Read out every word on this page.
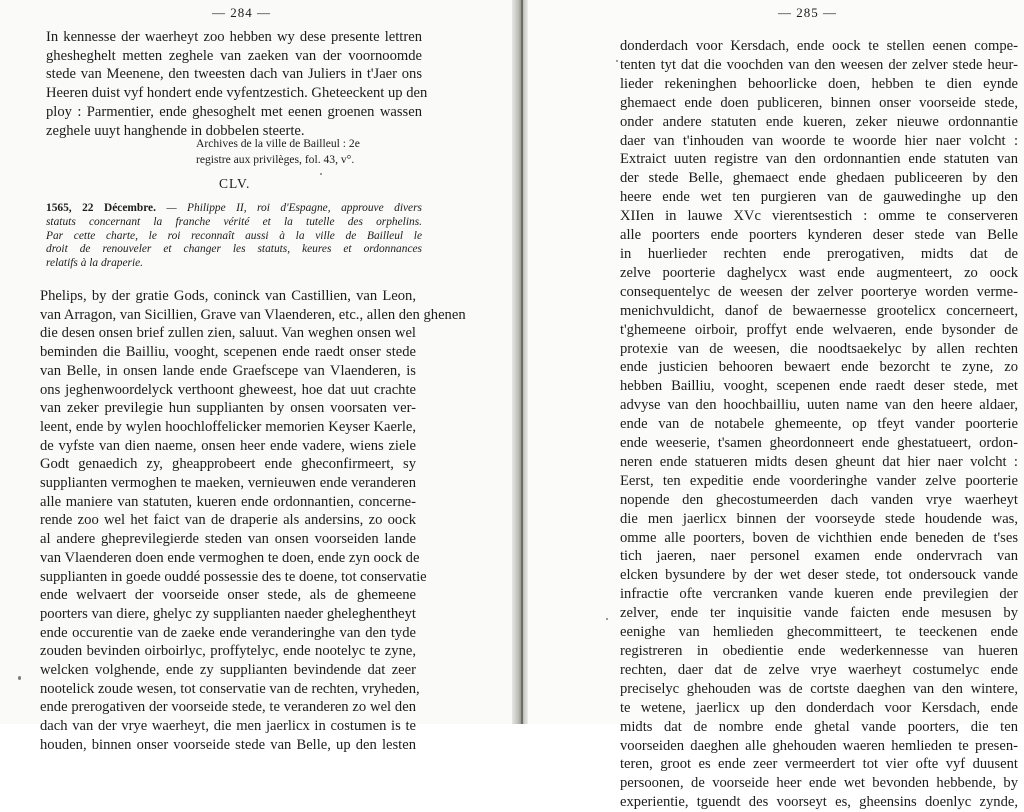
— 284 —
In kennesse der waerheyt zoo hebben wy dese presente lettren
ghesheghelt metten zeghele van zaeken van der voornoomde
stede van Meenene, den tweesten dach van Juliers in t'Jaer ons
Heeren duist vyf hondert ende vyfentzestich. Gheteeckent up den
ploy : Parmentier, ende ghesoghelt met eenen groenen wassen
zeghele uuyt hanghende in dobbelen steerte.
Archives de la ville de Bailleul : 2e
registre aux privilèges, fol. 43, v°.
CLV.
1565, 22 Décembre. — Philippe II, roi d'Espagne, approuve divers
statuts concernant la franche vérité et la tutelle des orphelins.
Par cette charte, le roi reconnaît aussi à la ville de Bailleul le
droit de renouveler et changer les statuts, keures et ordonnances
relatifs à la draperie.
Phelips, by der gratie Gods, coninck van Castillien, van Leon,
van Arragon, van Sicillien, Grave van Vlaenderen, etc., allen den ghenen
die desen onsen brief zullen zien, saluut. Van weghen onsen wel
beminden die Bailliu, vooght, scepenen ende raedt onser stede
van Belle, in onsen lande ende Graefscepe van Vlaenderen, is
ons jeghenwoordelyck verthoont gheweest, hoe dat uut crachte
van zeker previlegie hun supplianten by onsen voorsaten ver-
leent, ende by wylen hoochloffelicker memorien Keyser Kaerle,
de vyfste van dien naeme, onsen heer ende vadere, wiens ziele
Godt genaedich zy, gheapprobeert ende gheconfirmeert, sy
supplianten vermoghen te maeken, vernieuwen ende veranderen
alle maniere van statuten, kueren ende ordonnantien, concerne-
rende zoo wel het faict van de draperie als andersins, zo oock
al andere gheprevilegierde steden van onsen voorseiden lande
van Vlaenderen doen ende vermoghen te doen, ende zyn oock de
supplianten in goede ouddé possessie des te doene, tot conservatie
ende welvaert der voorseide onser stede, als de ghemeene
poorters van diere, ghelyc zy supplianten naeder gheleghentheyt
ende occurentie van de zaeke ende veranderinghe van den tyde
zouden bevinden oirboirlyc, proffytelyc, ende nootelyc te zyne,
welcken volghende, ende zy supplianten bevindende dat zeer
nootelick zoude wesen, tot conservatie van de rechten, vryheden,
ende prerogativen der voorseide stede, te veranderen zo wel den
dach van der vrye waerheyt, die men jaerlicx in costumen is te
houden, binnen onser voorseide stede van Belle, up den lesten
— 285 —
donderdach voor Kersdach, ende oock te stellen eenen compe-
tenten tyt dat die voochden van den weesen der zelver stede heur-
lieder rekeninghen behoorlicke doen, hebben te dien eynde
ghemaect ende doen publiceren, binnen onser voorseide stede,
onder andere statuten ende kueren, zeker nieuwe ordonnantie
daer van t'inhouden van woorde te woorde hier naer volcht :
Extraict uuten registre van den ordonnantien ende statuten van
der stede Belle, ghemaect ende ghedaen publiceeren by den
heere ende wet ten purgieren van de gauwedinghe up den
XIIen in lauwe XVc vierentsestich : omme te conserveren
alle poorters ende poorters kynderen deser stede van Belle
in huerlieder rechten ende prerogativen, midts dat de
zelve poorterie daghelycx wast ende augmenteert, zo oock
consequentelyc de weesen der zelver poorterye worden verme-
menichvuldicht, danof de bewaernesse grootelicx concerneert,
t'ghemeene oirboir, proffyt ende welvaeren, ende bysonder de
protexie van de weesen, die noodtsaekelyc by allen rechten
ende justicien behooren bewaert ende bezorcht te zyne, zo
hebben Bailliu, vooght, scepenen ende raedt deser stede, met
advyse van den hoochbailliu, uuten name van den heere aldaer,
ende van de notabele ghemeente, op tfeyt vander poorterie
ende weeserie, t'samen gheordonneert ende ghestatueert, ordon-
neren ende statueren midts desen gheunt dat hier naer volcht :
Eerst, ten expeditie ende voorderinghe vander zelve poorterie
nopende den ghecostumeerden dach vanden vrye waerheyt
die men jaerlicx binnen der voorseyde stede houdende was,
omme alle poorters, boven de vichthien ende beneden de t'ses
tich jaeren, naer personel examen ende ondervrach van
elcken bysundere by der wet deser stede, tot ondersouck vande
infractie ofte vercranken vande kueren ende previlegien der
zelver, ende ter inquisitie vande faicten ende mesusen by
eenighe van hemlieden ghecommitteert, te teeckenen ende
registreren in obedientie ende wederkennesse van hueren
rechten, daer dat de zelve vrye waerheyt costumelyc ende
preciselyc ghehouden was de cortste daeghen van den wintere,
te wetene, jaerlicx up den donderdach voor Kersdach, ende
midts dat de nombre ende ghetal vande poorters, die ten
voorseiden daeghen alle ghehouden waeren hemlieden te presen-
teren, groot es ende zeer vermeerdert tot vier ofte vyf duusent
persoonen, de voorseide heer ende wet bevonden hebbende, by
experientie, tguendt des voorseyt es, gheensins doenlyc zynde,
